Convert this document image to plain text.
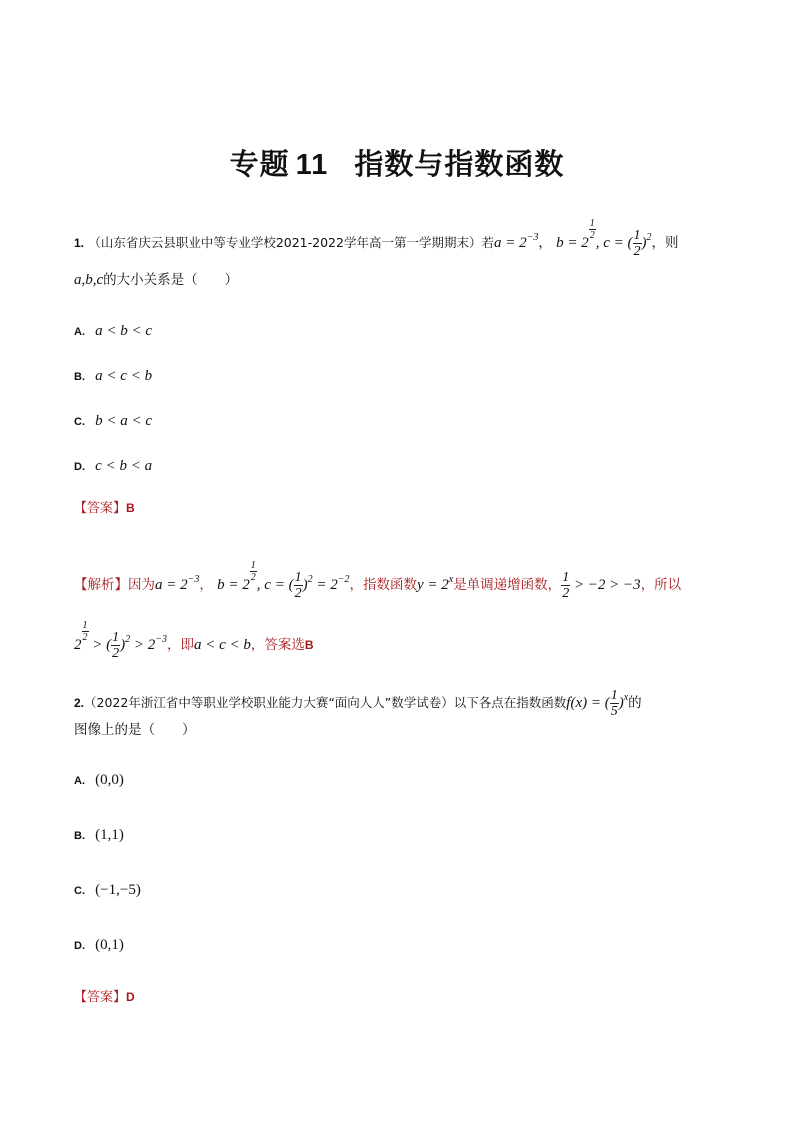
专题 11 指数与指数函数
1. （山东省庆云县职业中等专业学校2021-2022学年高一第一学期期末）若$a = 2^{-3}$， b = 2
$\frac{1}{2}$
, c = ( $\frac{1}{2} )^2$，则
a,b,c的大小关系是（　　）
A. a < b < c
B. a < c < b
C. b < a < c
D. c < b < a
【答案】B
【解析】因为$a = 2^{-3}$， b = 2
$\frac{1}{2}$
, c = ( $\frac{1}{2} )^2 = 2^{-2}$，指数函数$y = 2^x$是单调递增函数， $\frac{1}{2} > -2 > -3$，所以
2
$\frac{1}{2}$
> ( $\frac{1}{2} )^2 > 2^{-3}$，即a < c < b，答案选B
2.（2022年浙江省中等职业学校职业能力大赛“面向人人”数学试卷）以下各点在指数函数f(x) = ( $\frac{1}{5} )^x$的
图像上的是（　　）
A. (0,0)
B. (1,1)
C. (−1,−5)
D. (0,1)
【答案】D
